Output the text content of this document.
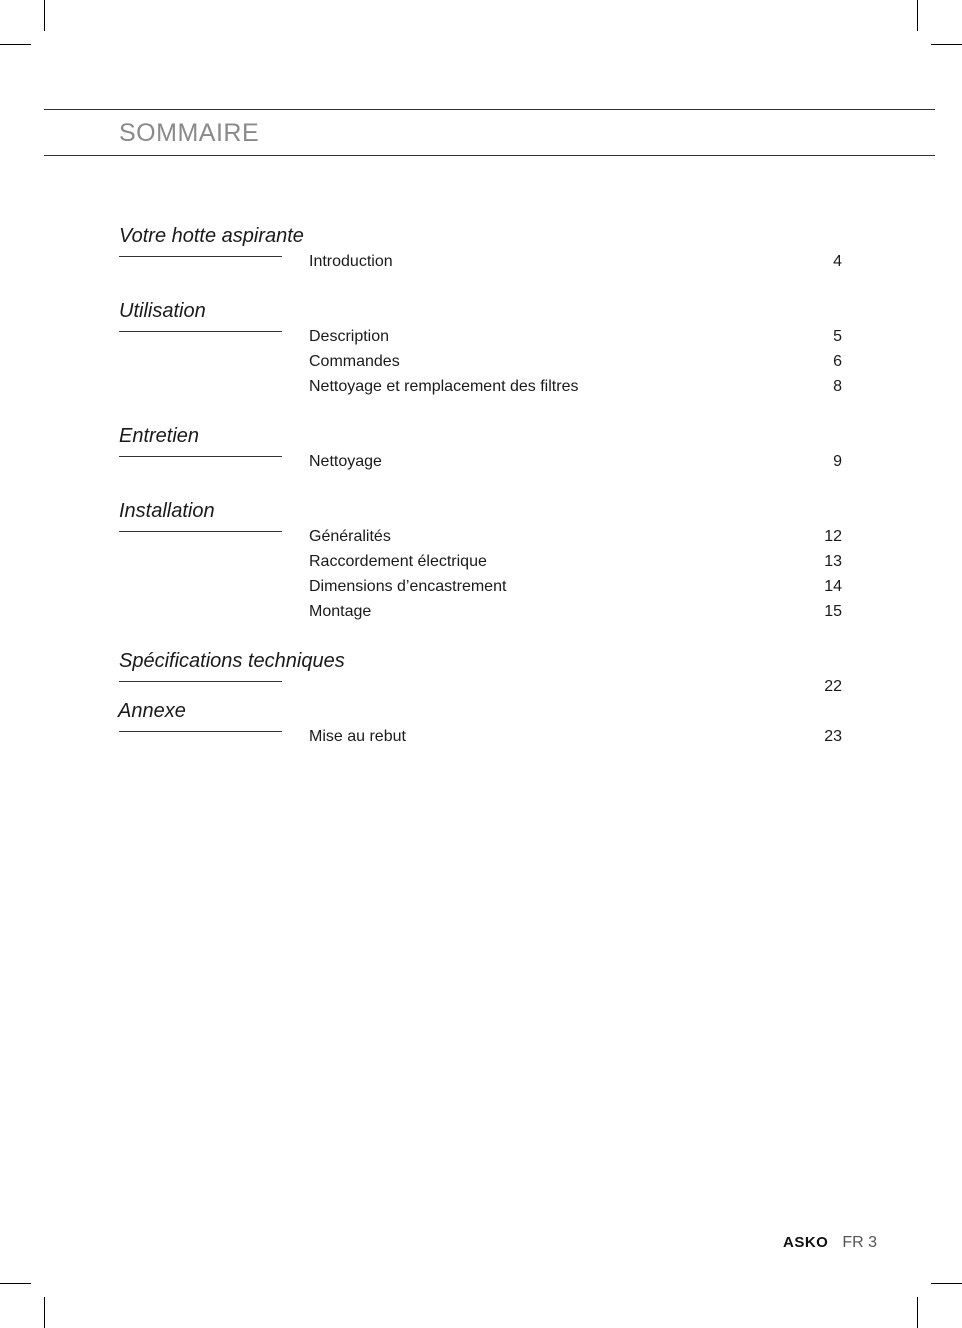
SOMMAIRE
Votre hotte aspirante
Introduction	4
Utilisation
Description	5
Commandes	6
Nettoyage et remplacement des filtres	8
Entretien
Nettoyage	9
Installation
Généralités	12
Raccordement électrique	13
Dimensions d’encastrement	14
Montage	15
Spécifications techniques
22
Annexe
Mise au rebut	23
ASKO FR 3
